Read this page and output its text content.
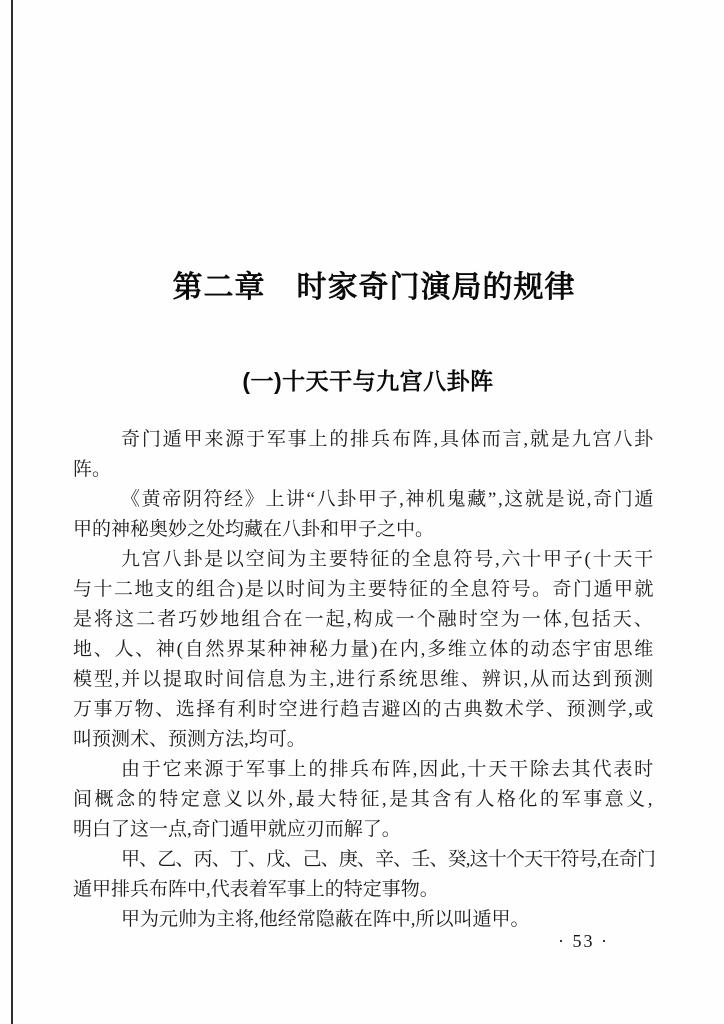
第二章　时家奇门演局的规律
(一)十天干与九宫八卦阵
奇门遁甲来源于军事上的排兵布阵,具体而言,就是九宫八卦
阵。
《黄帝阴符经》上讲“八卦甲子,神机鬼藏”,这就是说,奇门遁
甲的神秘奥妙之处均藏在八卦和甲子之中。
九宫八卦是以空间为主要特征的全息符号,六十甲子(十天干
与十二地支的组合)是以时间为主要特征的全息符号。奇门遁甲就
是将这二者巧妙地组合在一起,构成一个融时空为一体,包括天、
地、人、神(自然界某种神秘力量)在内,多维立体的动态宇宙思维
模型,并以提取时间信息为主,进行系统思维、辨识,从而达到预测
万事万物、选择有利时空进行趋吉避凶的古典数术学、预测学,或
叫预测术、预测方法,均可。
由于它来源于军事上的排兵布阵,因此,十天干除去其代表时
间概念的特定意义以外,最大特征,是其含有人格化的军事意义,
明白了这一点,奇门遁甲就应刃而解了。
甲、乙、丙、丁、戊、己、庚、辛、壬、癸,这十个天干符号,在奇门
遁甲排兵布阵中,代表着军事上的特定事物。
甲为元帅为主将,他经常隐蔽在阵中,所以叫遁甲。
· 53 ·
